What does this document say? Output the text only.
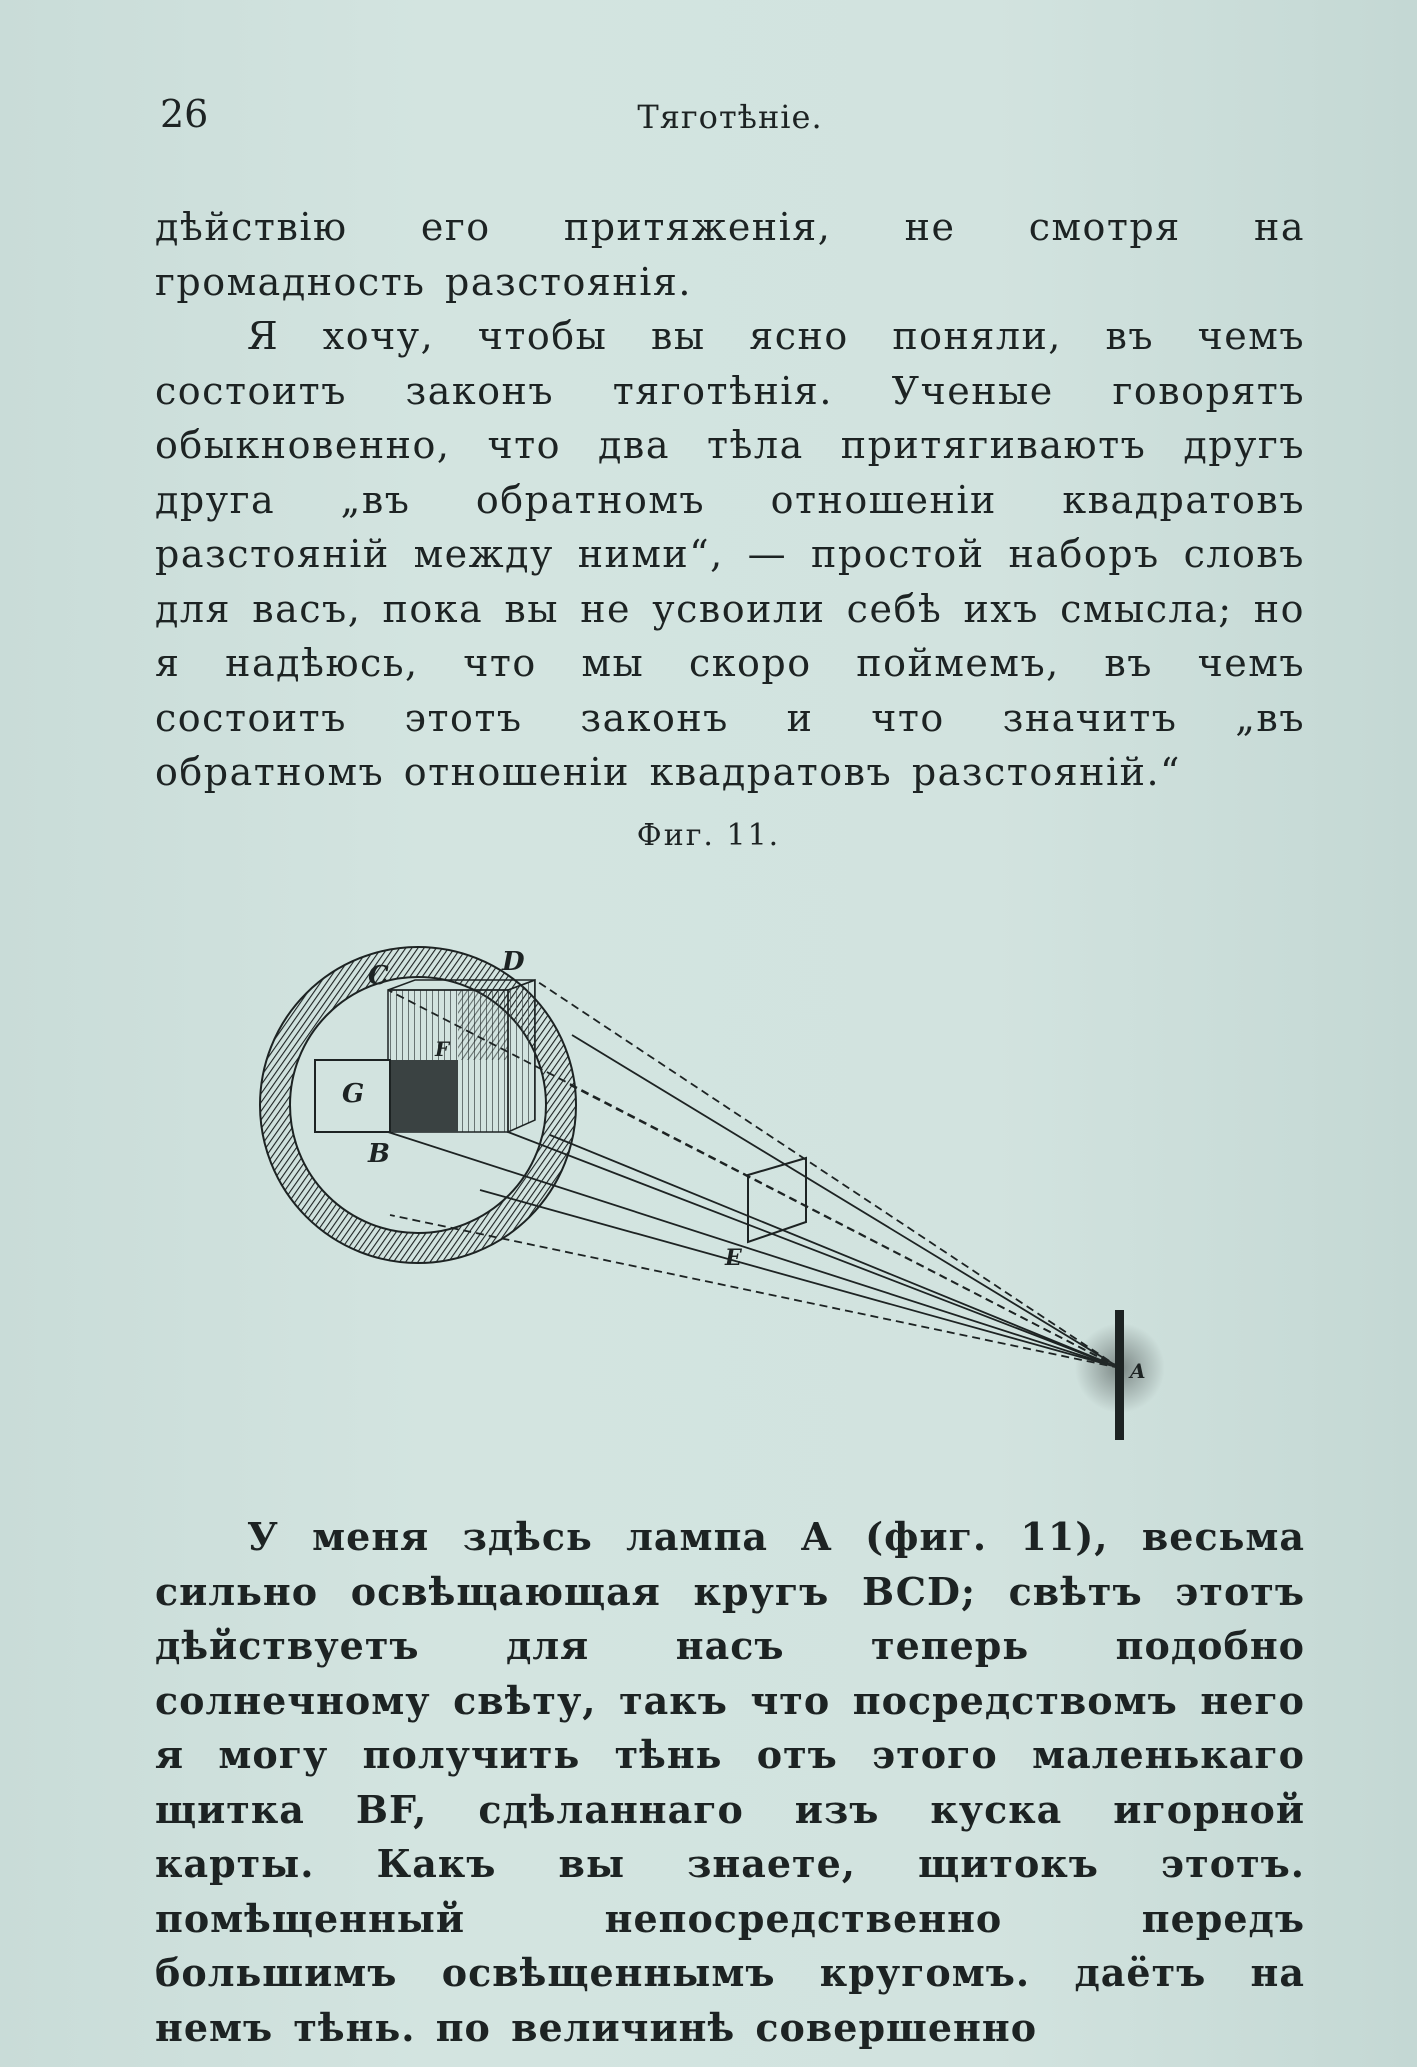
26	Тяготѣніе.

дѣйствію его притяженія, не смотря на громадность разстоянія.

Я хочу, чтобы вы ясно поняли, въ чемъ состоитъ законъ тяготѣнія. Ученые говорятъ обыкновенно, что два тѣла притягиваютъ другъ друга „въ обратномъ отношеніи квадратовъ разстояній между ними“, — простой наборъ словъ для васъ, пока вы не усвоили себѣ ихъ смысла; но я надѣюсь, что мы скоро поймемъ, въ чемъ состоитъ этотъ законъ и что значитъ „въ обратномъ отношеніи квадратовъ разстояній.“

Фиг. 11.
C	D
F
G
B
E
A

У меня здѣсь лампа A (фиг. 11), весьма сильно освѣщающая кругъ BCD; свѣтъ этотъ дѣйствуетъ для насъ теперь подобно солнечному свѣту, такъ что посредствомъ него я могу получить тѣнь отъ этого маленькаго щитка BF, сдѣланнаго изъ куска игорной карты. Какъ вы знаете, щитокъ этотъ. помѣщенный непосредственно передъ большимъ освѣщеннымъ кругомъ. даётъ на немъ тѣнь. по величинѣ совершенно
